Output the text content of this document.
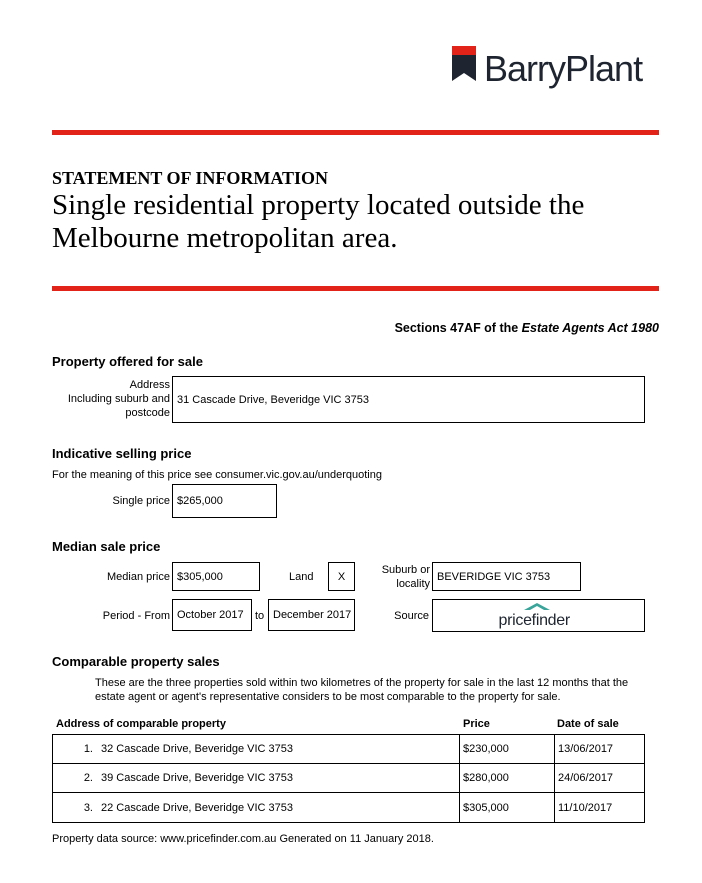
BarryPlant
STATEMENT OF INFORMATION
Single residential property located outside the Melbourne metropolitan area.
Sections 47AF of the Estate Agents Act 1980
Property offered for sale
Address
Including suburb and
postcode
31 Cascade Drive, Beveridge VIC 3753
Indicative selling price
For the meaning of this price see consumer.vic.gov.au/underquoting
Single price $265,000
Median sale price
Median price $305,000	Land	X
Suburb or
locality
BEVERIDGE VIC 3753
Period - From October 2017	to December 2017	Source	pricefinder
Comparable property sales
These are the three properties sold within two kilometres of the property for sale in the last 12 months that the estate agent or agent's representative considers to be most comparable to the property for sale.
Address of comparable property	Price	Date of sale
1. 32 Cascade Drive, Beveridge VIC 3753	$230,000	13/06/2017
2. 39 Cascade Drive, Beveridge VIC 3753	$280,000	24/06/2017
3. 22 Cascade Drive, Beveridge VIC 3753	$305,000	11/10/2017
Property data source: www.pricefinder.com.au Generated on 11 January 2018.
